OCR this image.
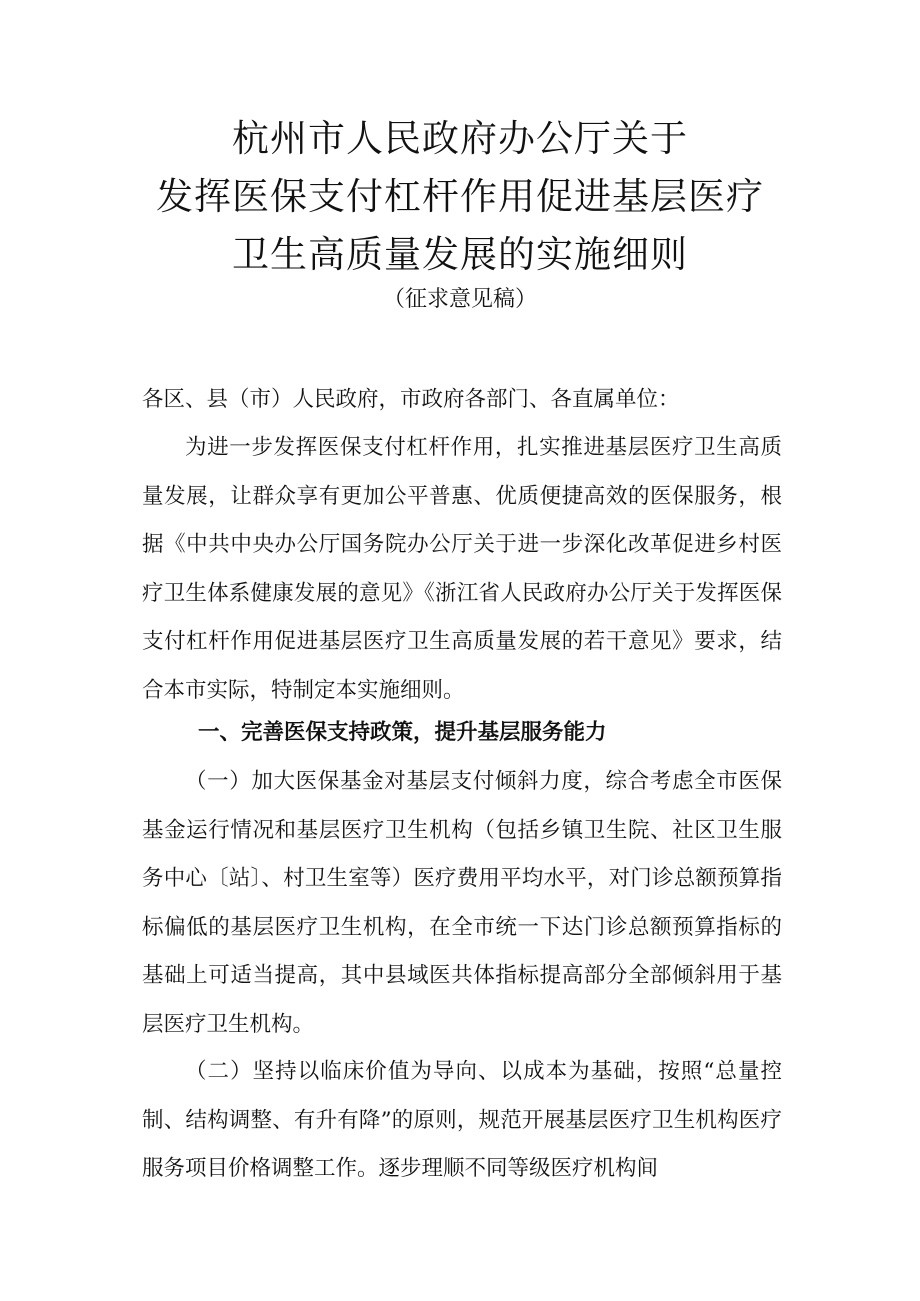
杭州市人民政府办公厅关于
发挥医保支付杠杆作用促进基层医疗
卫生高质量发展的实施细则
（征求意见稿）
各区、县（市）人民政府，市政府各部门、各直属单位：

为进一步发挥医保支付杠杆作用，扎实推进基层医疗卫生高质量发展，让群众享有更加公平普惠、优质便捷高效的医保服务，根据《中共中央办公厅国务院办公厅关于进一步深化改革促进乡村医疗卫生体系健康发展的意见》《浙江省人民政府办公厅关于发挥医保支付杠杆作用促进基层医疗卫生高质量发展的若干意见》要求，结合本市实际，特制定本实施细则。

一、完善医保支持政策，提升基层服务能力

（一）加大医保基金对基层支付倾斜力度，综合考虑全市医保基金运行情况和基层医疗卫生机构（包括乡镇卫生院、社区卫生服务中心〔站〕、村卫生室等）医疗费用平均水平，对门诊总额预算指标偏低的基层医疗卫生机构，在全市统一下达门诊总额预算指标的基础上可适当提高，其中县域医共体指标提高部分全部倾斜用于基层医疗卫生机构。

（二）坚持以临床价值为导向、以成本为基础，按照“总量控制、结构调整、有升有降”的原则，规范开展基层医疗卫生机构医疗服务项目价格调整工作。逐步理顺不同等级医疗机构间
